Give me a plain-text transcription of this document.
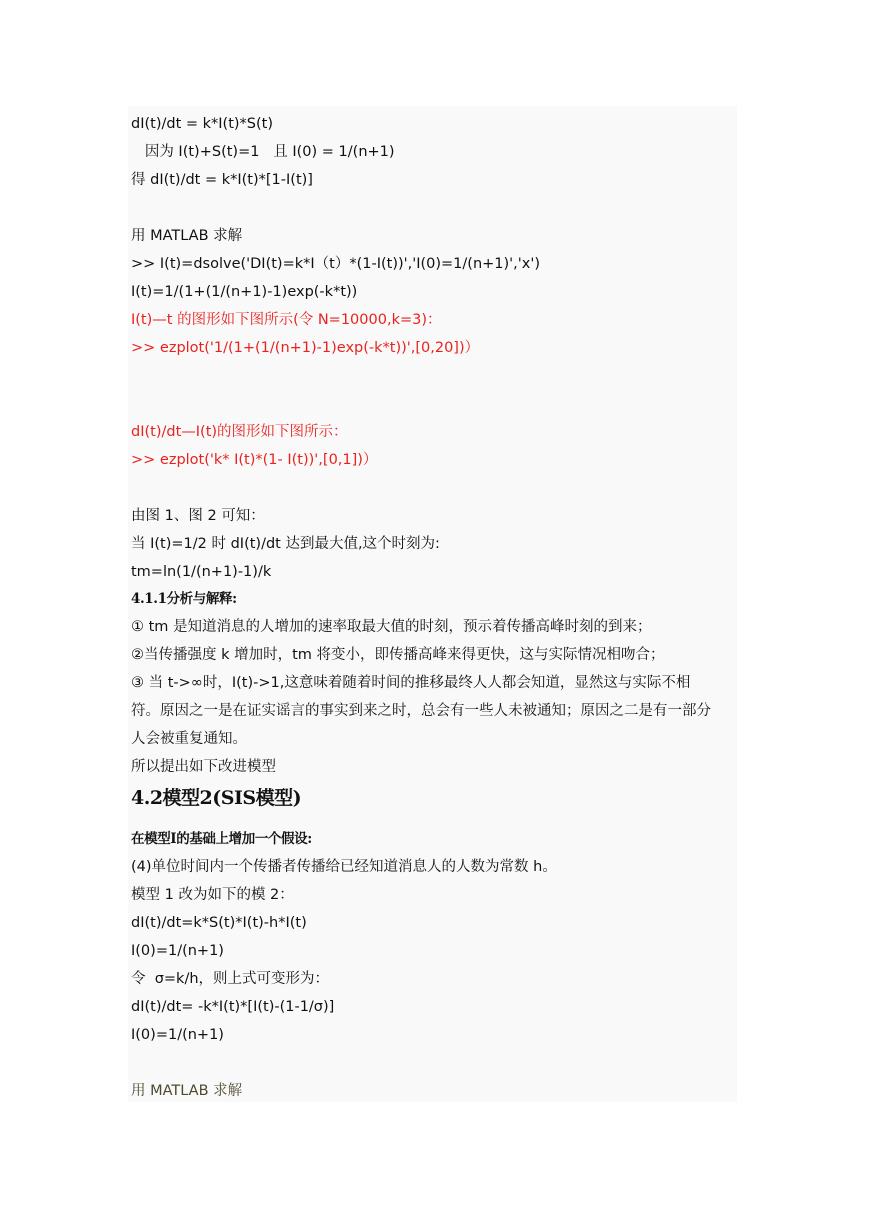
dI(t)/dt = k*I(t)*S(t)
因为 I(t)+S(t)=1   且 I(0) = 1/(n+1)
得 dI(t)/dt = k*I(t)*[1-I(t)]
用 MATLAB 求解
>> I(t)=dsolve('DI(t)=k*I（t）*(1-I(t))','I(0)=1/(n+1)','x')
I(t)=1/(1+(1/(n+1)-1)exp(-k*t))
I(t)—t 的图形如下图所示(令 N=10000,k=3)：
>> ezplot('1/(1+(1/(n+1)-1)exp(-k*t))',[0,20])）
dI(t)/dt—I(t)的图形如下图所示：
>> ezplot('k* I(t)*(1- I(t))',[0,1])）
由图 1、图 2 可知：
当 I(t)=1/2 时 dI(t)/dt 达到最大值,这个时刻为:
tm=ln(1/(n+1)-1)/k
4.1.1分析与解释:
① tm 是知道消息的人增加的速率取最大值的时刻，预示着传播高峰时刻的到来；
②当传播强度 k 增加时，tm 将变小，即传播高峰来得更快，这与实际情况相吻合；
③ 当 t->∞时，I(t)->1,这意味着随着时间的推移最终人人都会知道，显然这与实际不相
符。原因之一是在证实谣言的事实到来之时，总会有一些人未被通知；原因之二是有一部分
人会被重复通知。
所以提出如下改进模型
4.2模型2(SIS模型)
在模型Ⅰ的基础上增加一个假设:
(4)单位时间内一个传播者传播给已经知道消息人的人数为常数 h。
模型 1 改为如下的模 2：
dI(t)/dt=k*S(t)*I(t)-h*I(t)
I(0)=1/(n+1)
令  σ=k/h，则上式可变形为：
dI(t)/dt= -k*I(t)*[I(t)-(1-1/σ)]
I(0)=1/(n+1)
用 MATLAB 求解
